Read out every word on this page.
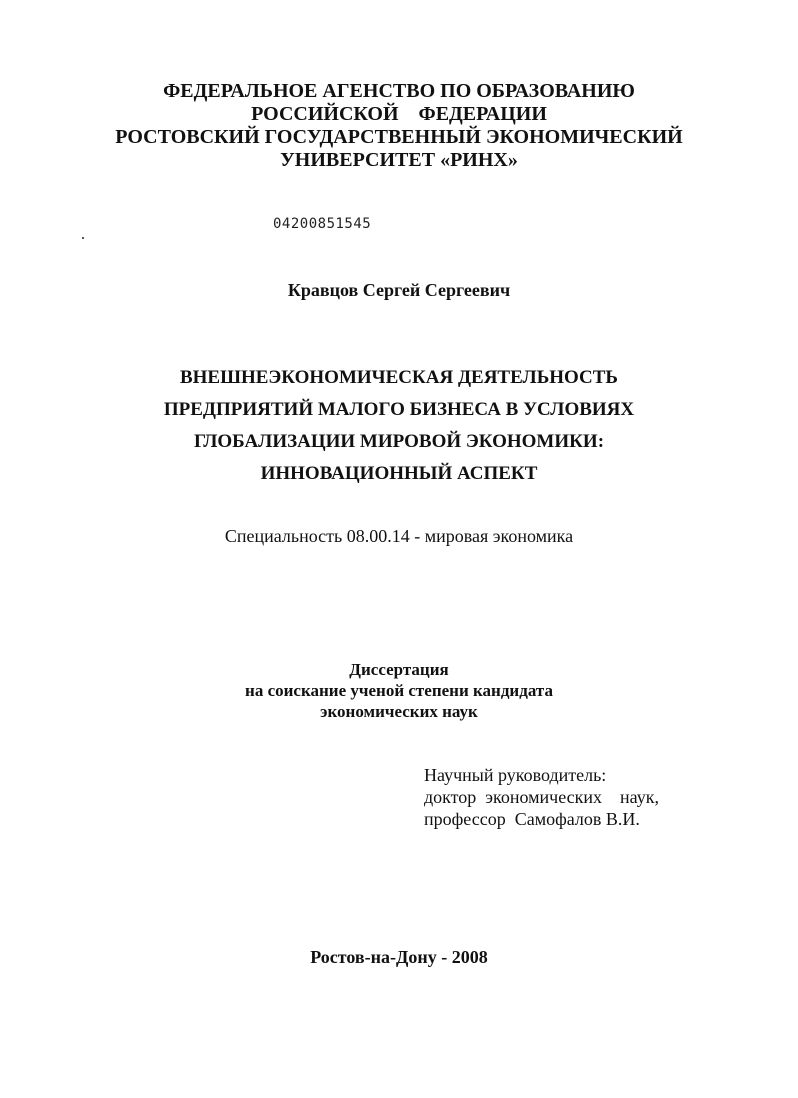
ФЕДЕРАЛЬНОЕ АГЕНСТВО ПО ОБРАЗОВАНИЮ
РОССИЙСКОЙ    ФЕДЕРАЦИИ
РОСТОВСКИЙ ГОСУДАРСТВЕННЫЙ ЭКОНОМИЧЕСКИЙ
УНИВЕРСИТЕТ «РИНХ»
04200851545
Кравцов Сергей Сергеевич
ВНЕШНЕЭКОНОМИЧЕСКАЯ ДЕЯТЕЛЬНОСТЬ
ПРЕДПРИЯТИЙ МАЛОГО БИЗНЕСА В УСЛОВИЯХ
ГЛОБАЛИЗАЦИИ МИРОВОЙ ЭКОНОМИКИ:
ИННОВАЦИОННЫЙ АСПЕКТ
Специальность 08.00.14 - мировая экономика
Диссертация
на соискание ученой степени кандидата
экономических наук
Научный руководитель:
доктор  экономических    наук,
профессор  Самофалов В.И.
Ростов-на-Дону - 2008
